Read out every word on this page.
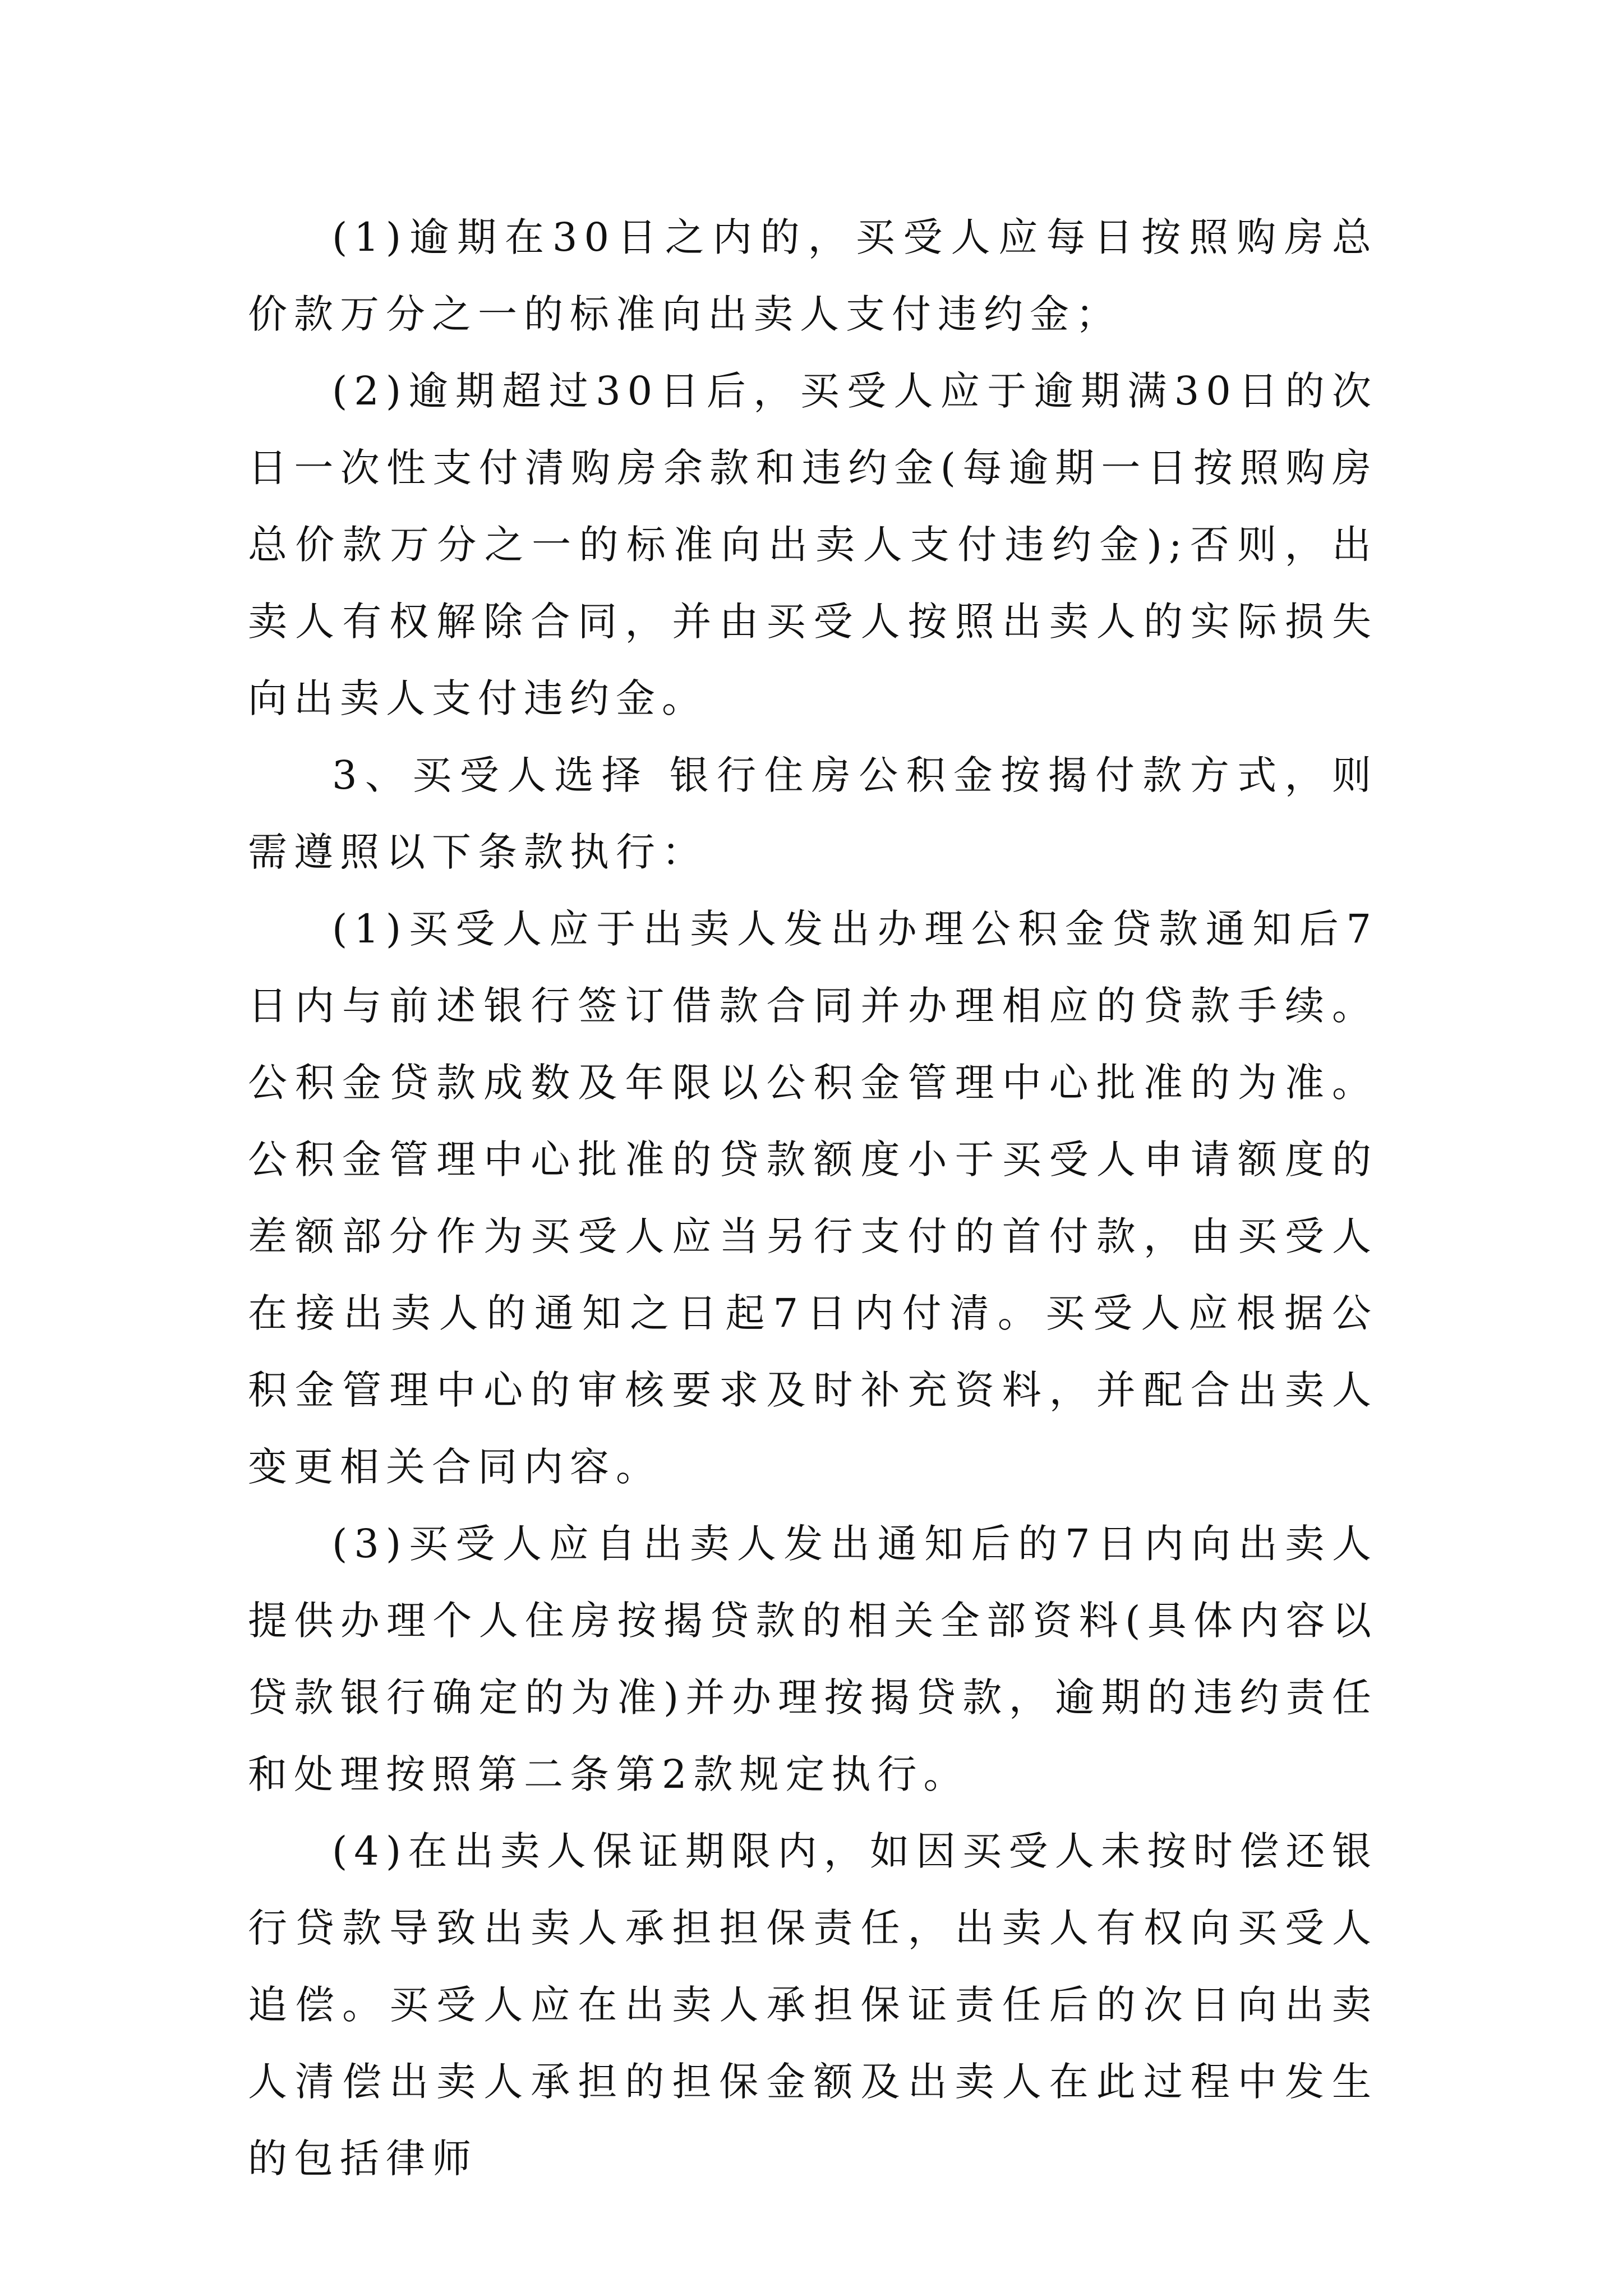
(1)逾期在30日之内的，买受人应每日按照购房总价款万分之一的标准向出卖人支付违约金；

(2)逾期超过30日后，买受人应于逾期满30日的次日一次性支付清购房余款和违约金(每逾期一日按照购房总价款万分之一的标准向出卖人支付违约金);否则，出卖人有权解除合同，并由买受人按照出卖人的实际损失向出卖人支付违约金。

3、买受人选择 银行住房公积金按揭付款方式，则需遵照以下条款执行：

(1)买受人应于出卖人发出办理公积金贷款通知后7日内与前述银行签订借款合同并办理相应的贷款手续。公积金贷款成数及年限以公积金管理中心批准的为准。公积金管理中心批准的贷款额度小于买受人申请额度的差额部分作为买受人应当另行支付的首付款，由买受人在接出卖人的通知之日起7日内付清。买受人应根据公积金管理中心的审核要求及时补充资料，并配合出卖人变更相关合同内容。

(3)买受人应自出卖人发出通知后的7日内向出卖人提供办理个人住房按揭贷款的相关全部资料(具体内容以贷款银行确定的为准)并办理按揭贷款，逾期的违约责任和处理按照第二条第2款规定执行。

(4)在出卖人保证期限内，如因买受人未按时偿还银行贷款导致出卖人承担担保责任，出卖人有权向买受人追偿。买受人应在出卖人承担保证责任后的次日向出卖人清偿出卖人承担的担保金额及出卖人在此过程中发生的包括律师
